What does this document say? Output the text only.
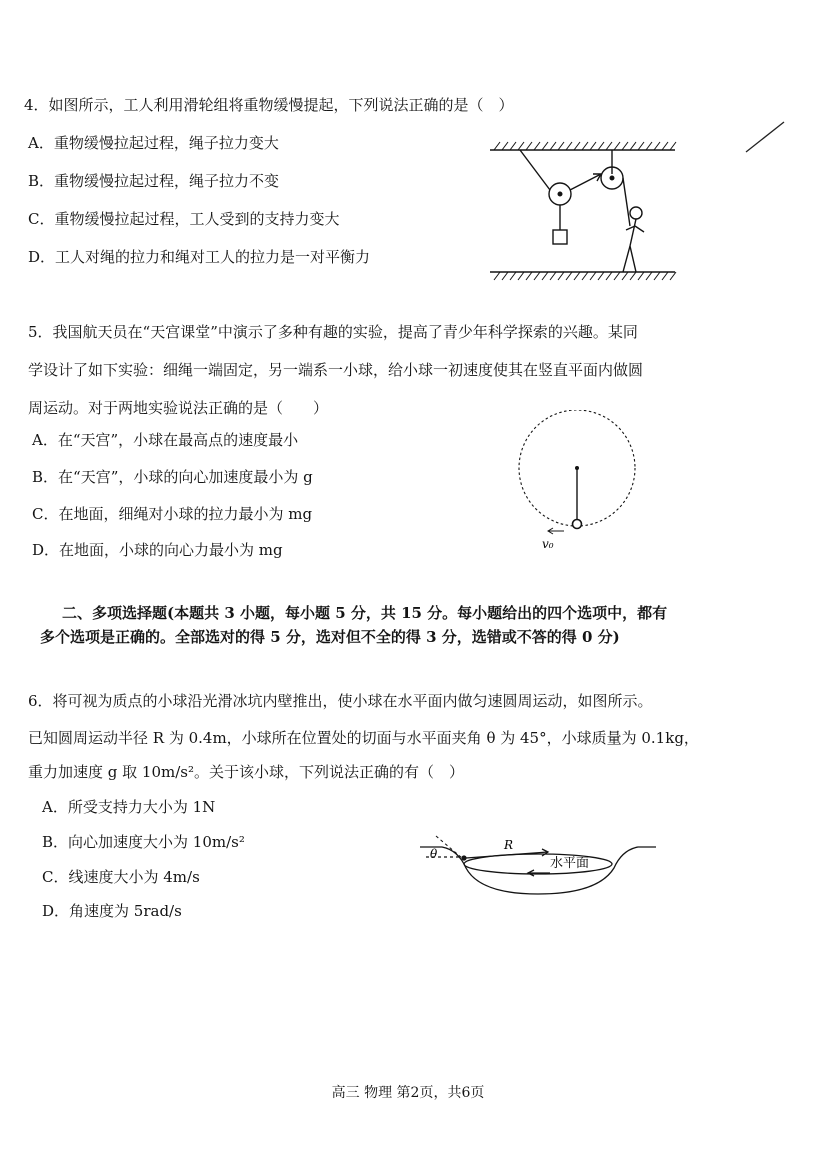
4．如图所示，工人利用滑轮组将重物缓慢提起，下列说法正确的是（　）
A．重物缓慢拉起过程，绳子拉力变大
B．重物缓慢拉起过程，绳子拉力不变
C．重物缓慢拉起过程，工人受到的支持力变大
D．工人对绳的拉力和绳对工人的拉力是一对平衡力
5．我国航天员在“天宫课堂”中演示了多种有趣的实验，提高了青少年科学探索的兴趣。某同
学设计了如下实验：细绳一端固定，另一端系一小球，给小球一初速度使其在竖直平面内做圆
周运动。对于两地实验说法正确的是（　　）
A．在“天宫”，小球在最高点的速度最小
B．在“天宫”，小球的向心加速度最小为 g
C．在地面，细绳对小球的拉力最小为 mg
D．在地面，小球的向心力最小为 mg	v₀
二、多项选择题(本题共 3 小题，每小题 5 分，共 15 分。每小题给出的四个选项中，都有
多个选项是正确的。全部选对的得 5 分，选对但不全的得 3 分，选错或不答的得 0 分)
6．将可视为质点的小球沿光滑冰坑内壁推出，使小球在水平面内做匀速圆周运动，如图所示。
已知圆周运动半径 R 为 0.4m，小球所在位置处的切面与水平面夹角 θ 为 45°，小球质量为 0.1kg，
重力加速度 g 取 10m/s²。关于该小球，下列说法正确的有（　）
A．所受支持力大小为 1N
B．向心加速度大小为 10m/s²
C．线速度大小为 4m/s
D．角速度为 5rad/s
θ
R
水平面
高三 物理 第2页，共6页
